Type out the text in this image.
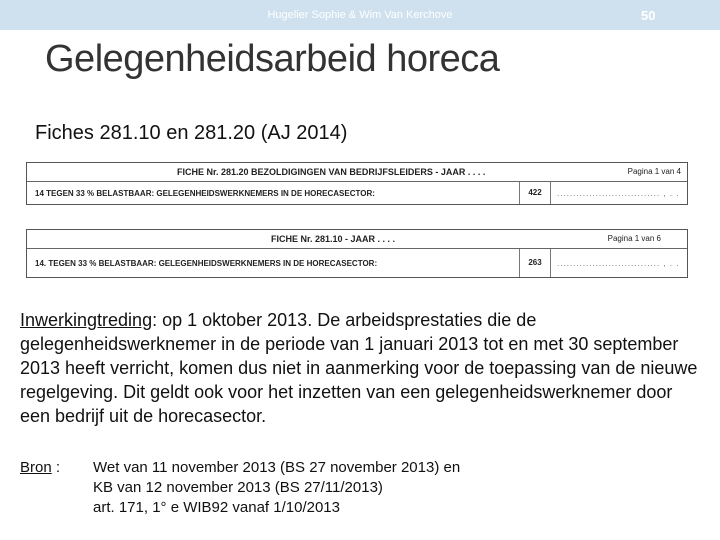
Hugelier Sophie & Wim Van Kerchove	50
Gelegenheidsarbeid horeca
Fiches 281.10 en 281.20 (AJ 2014)
FICHE Nr. 281.20 BEZOLDIGINGEN VAN BEDRIJFSLEIDERS - JAAR . . . .	Pagina 1 van 4
14 TEGEN 33 % BELASTBAAR: GELEGENHEIDSWERKNEMERS IN DE HORECASECTOR:	422	................................ , . .
FICHE Nr. 281.10 - JAAR . . . .	Pagina 1 van 6
14. TEGEN 33 % BELASTBAAR: GELEGENHEIDSWERKNEMERS IN DE HORECASECTOR:	263	................................ , . .
Inwerkingtreding: op 1 oktober 2013. De arbeidsprestaties die de gelegenheidswerknemer in de periode van 1 januari 2013 tot en met 30 september 2013 heeft verricht, komen dus niet in aanmerking voor de toepassing van de nieuwe regelgeving. Dit geldt ook voor het inzetten van een gelegenheidswerknemer door een bedrijf uit de horecasector.
Bron : Wet van 11 november 2013 (BS 27 november 2013) en
KB van 12 november 2013 (BS 27/11/2013)
art. 171, 1° e WIB92 vanaf 1/10/2013
